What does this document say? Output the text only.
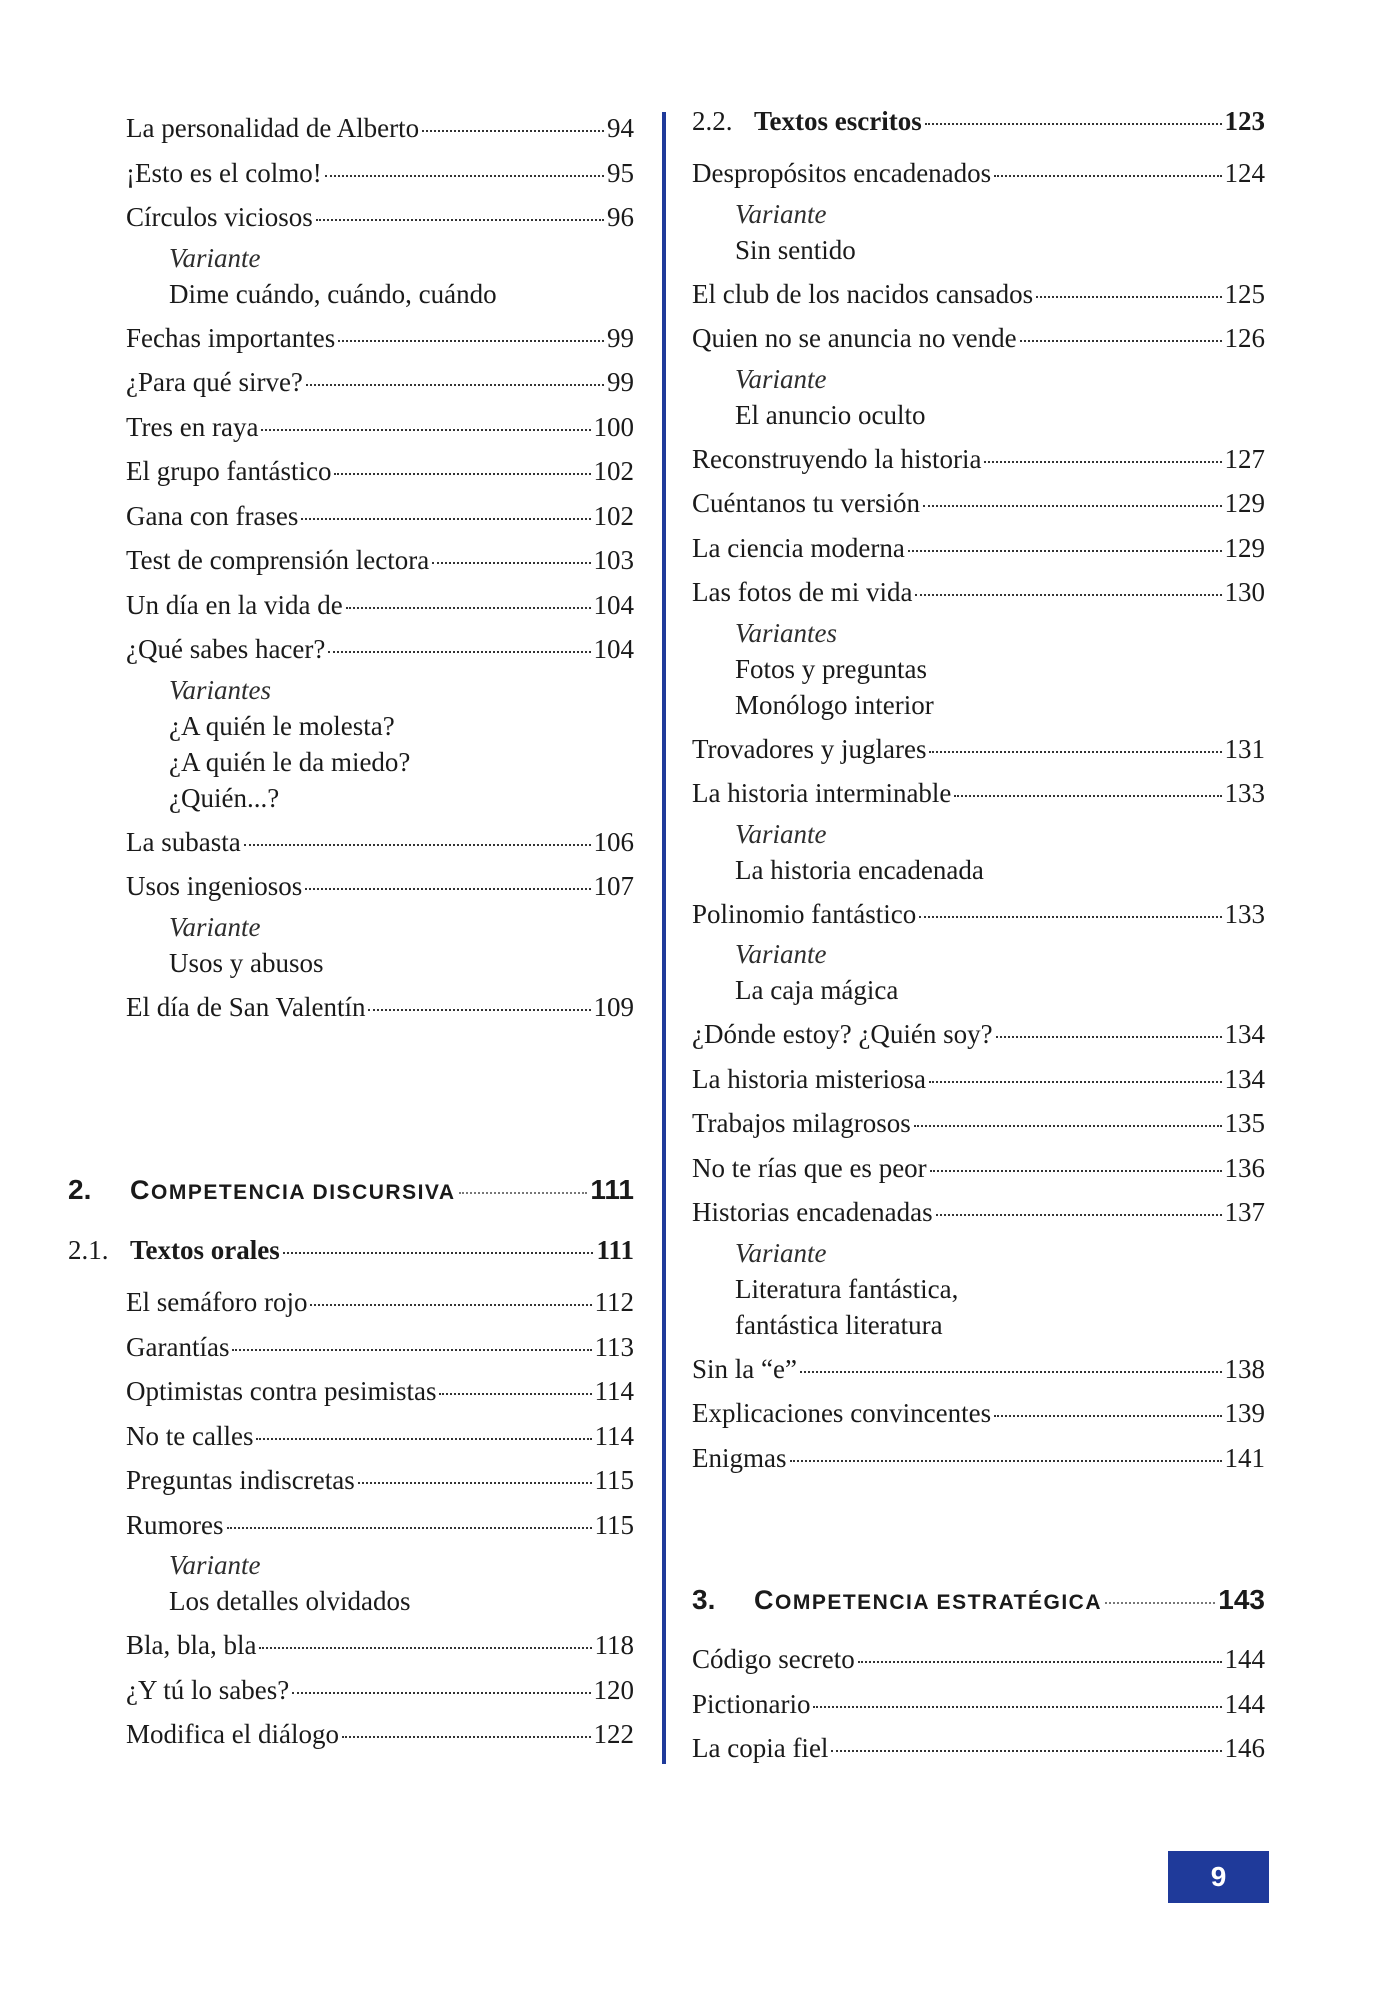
La personalidad de Alberto	94
¡Esto es el colmo!	95
Círculos viciosos	96
Variante
Dime cuándo, cuándo, cuándo
Fechas importantes	99
¿Para qué sirve?	99
Tres en raya	100
El grupo fantástico	102
Gana con frases	102
Test de comprensión lectora	103
Un día en la vida de	104
¿Qué sabes hacer?	104
Variantes
¿A quién le molesta?
¿A quién le da miedo?
¿Quién...?
La subasta	106
Usos ingeniosos	107
Variante
Usos y abusos
El día de San Valentín	109
2.	COMPETENCIA DISCURSIVA	111
2.1. Textos orales	111
El semáforo rojo	112
Garantías	113
Optimistas contra pesimistas	114
No te calles	114
Preguntas indiscretas	115
Rumores	115
Variante
Los detalles olvidados
Bla, bla, bla	118
¿Y tú lo sabes?	120
Modifica el diálogo	122
2.2. Textos escritos	123
Despropósitos encadenados	124
Variante
Sin sentido
El club de los nacidos cansados	125
Quien no se anuncia no vende	126
Variante
El anuncio oculto
Reconstruyendo la historia	127
Cuéntanos tu versión	129
La ciencia moderna	129
Las fotos de mi vida	130
Variantes
Fotos y preguntas
Monólogo interior
Trovadores y juglares	131
La historia interminable	133
Variante
La historia encadenada
Polinomio fantástico	133
Variante
La caja mágica
¿Dónde estoy? ¿Quién soy?	134
La historia misteriosa	134
Trabajos milagrosos	135
No te rías que es peor	136
Historias encadenadas	137
Variante
Literatura fantástica,
fantástica literatura
Sin la “e”	138
Explicaciones convincentes	139
Enigmas	141
3.	COMPETENCIA ESTRATÉGICA	143
Código secreto	144
Pictionario	144
La copia fiel	146
9
